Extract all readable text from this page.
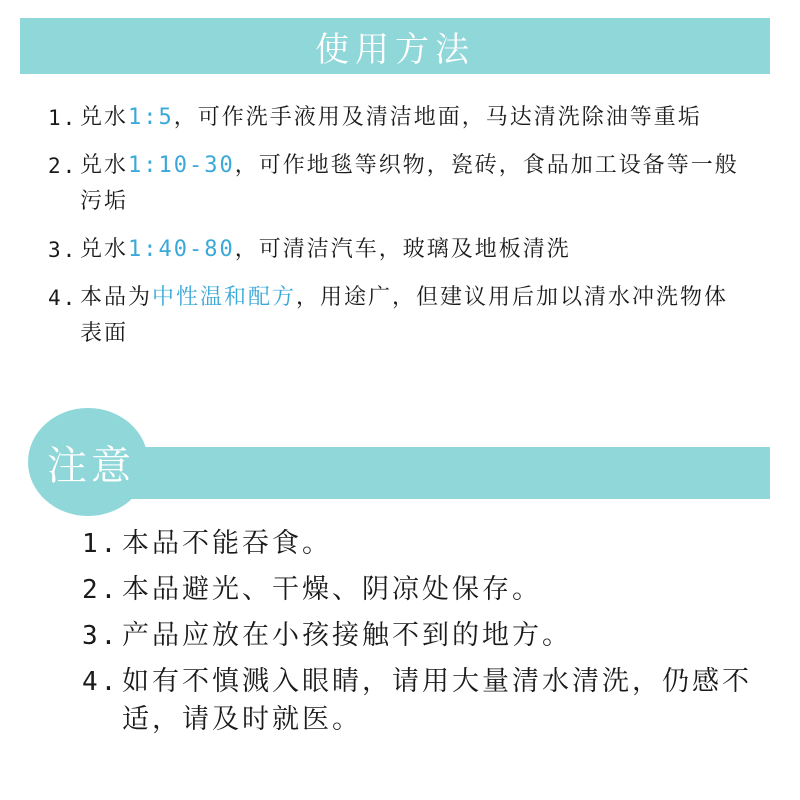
使用方法
1. 兑水1:5，可作洗手液用及清洁地面，马达清洗除油等重垢
2. 兑水1:10-30，可作地毯等织物，瓷砖，食品加工设备等一般污垢
3. 兑水1:40-80，可清洁汽车，玻璃及地板清洗
4. 本品为中性温和配方，用途广，但建议用后加以清水冲洗物体表面
注意
1. 本品不能吞食。
2. 本品避光、干燥、阴凉处保存。
3. 产品应放在小孩接触不到的地方。
4. 如有不慎溅入眼睛，请用大量清水清洗，仍感不适，请及时就医。
